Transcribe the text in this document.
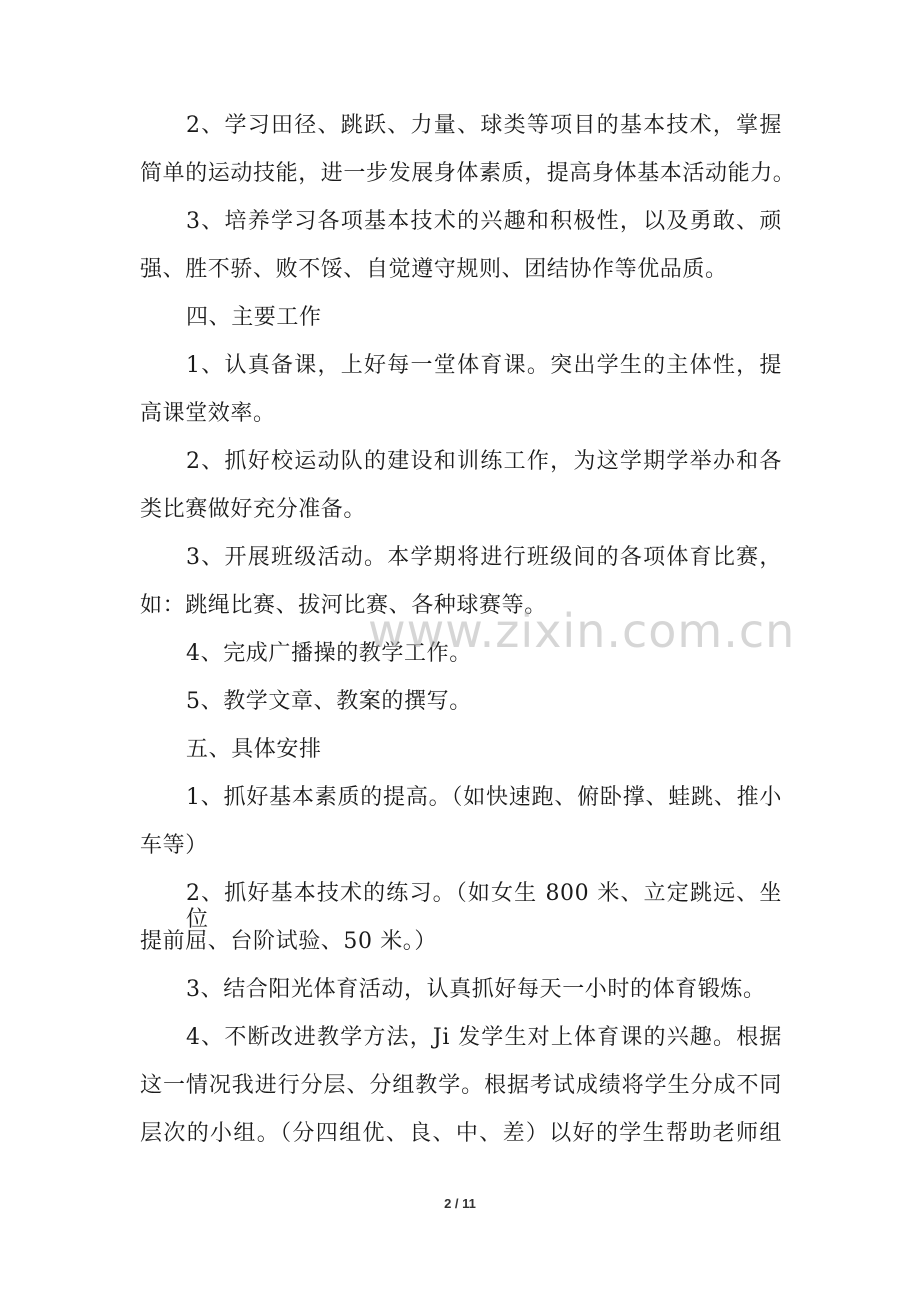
2、学习田径、跳跃、力量、球类等项目的基本技术，掌握
简单的运动技能，进一步发展身体素质，提高身体基本活动能力。
3、培养学习各项基本技术的兴趣和积极性，以及勇敢、顽
强、胜不骄、败不馁、自觉遵守规则、团结协作等优品质。
四、主要工作
1、认真备课，上好每一堂体育课。突出学生的主体性，提
高课堂效率。
2、抓好校运动队的建设和训练工作，为这学期学举办和各
类比赛做好充分准备。
3、开展班级活动。本学期将进行班级间的各项体育比赛，
如：跳绳比赛、拔河比赛、各种球赛等。
4、完成广播操的教学工作。
5、教学文章、教案的撰写。
五、具体安排
1、抓好基本素质的提高。（如快速跑、俯卧撑、蛙跳、推小
车等）
2、抓好基本技术的练习。（如女生 800 米、立定跳远、坐位
提前屈、台阶试验、50 米。）
3、结合阳光体育活动，认真抓好每天一小时的体育锻炼。
4、不断改进教学方法，Ji 发学生对上体育课的兴趣。根据
这一情况我进行分层、分组教学。根据考试成绩将学生分成不同
层次的小组。（分四组优、良、中、差）以好的学生帮助老师组
www.zixin.com.cn
2 / 11
